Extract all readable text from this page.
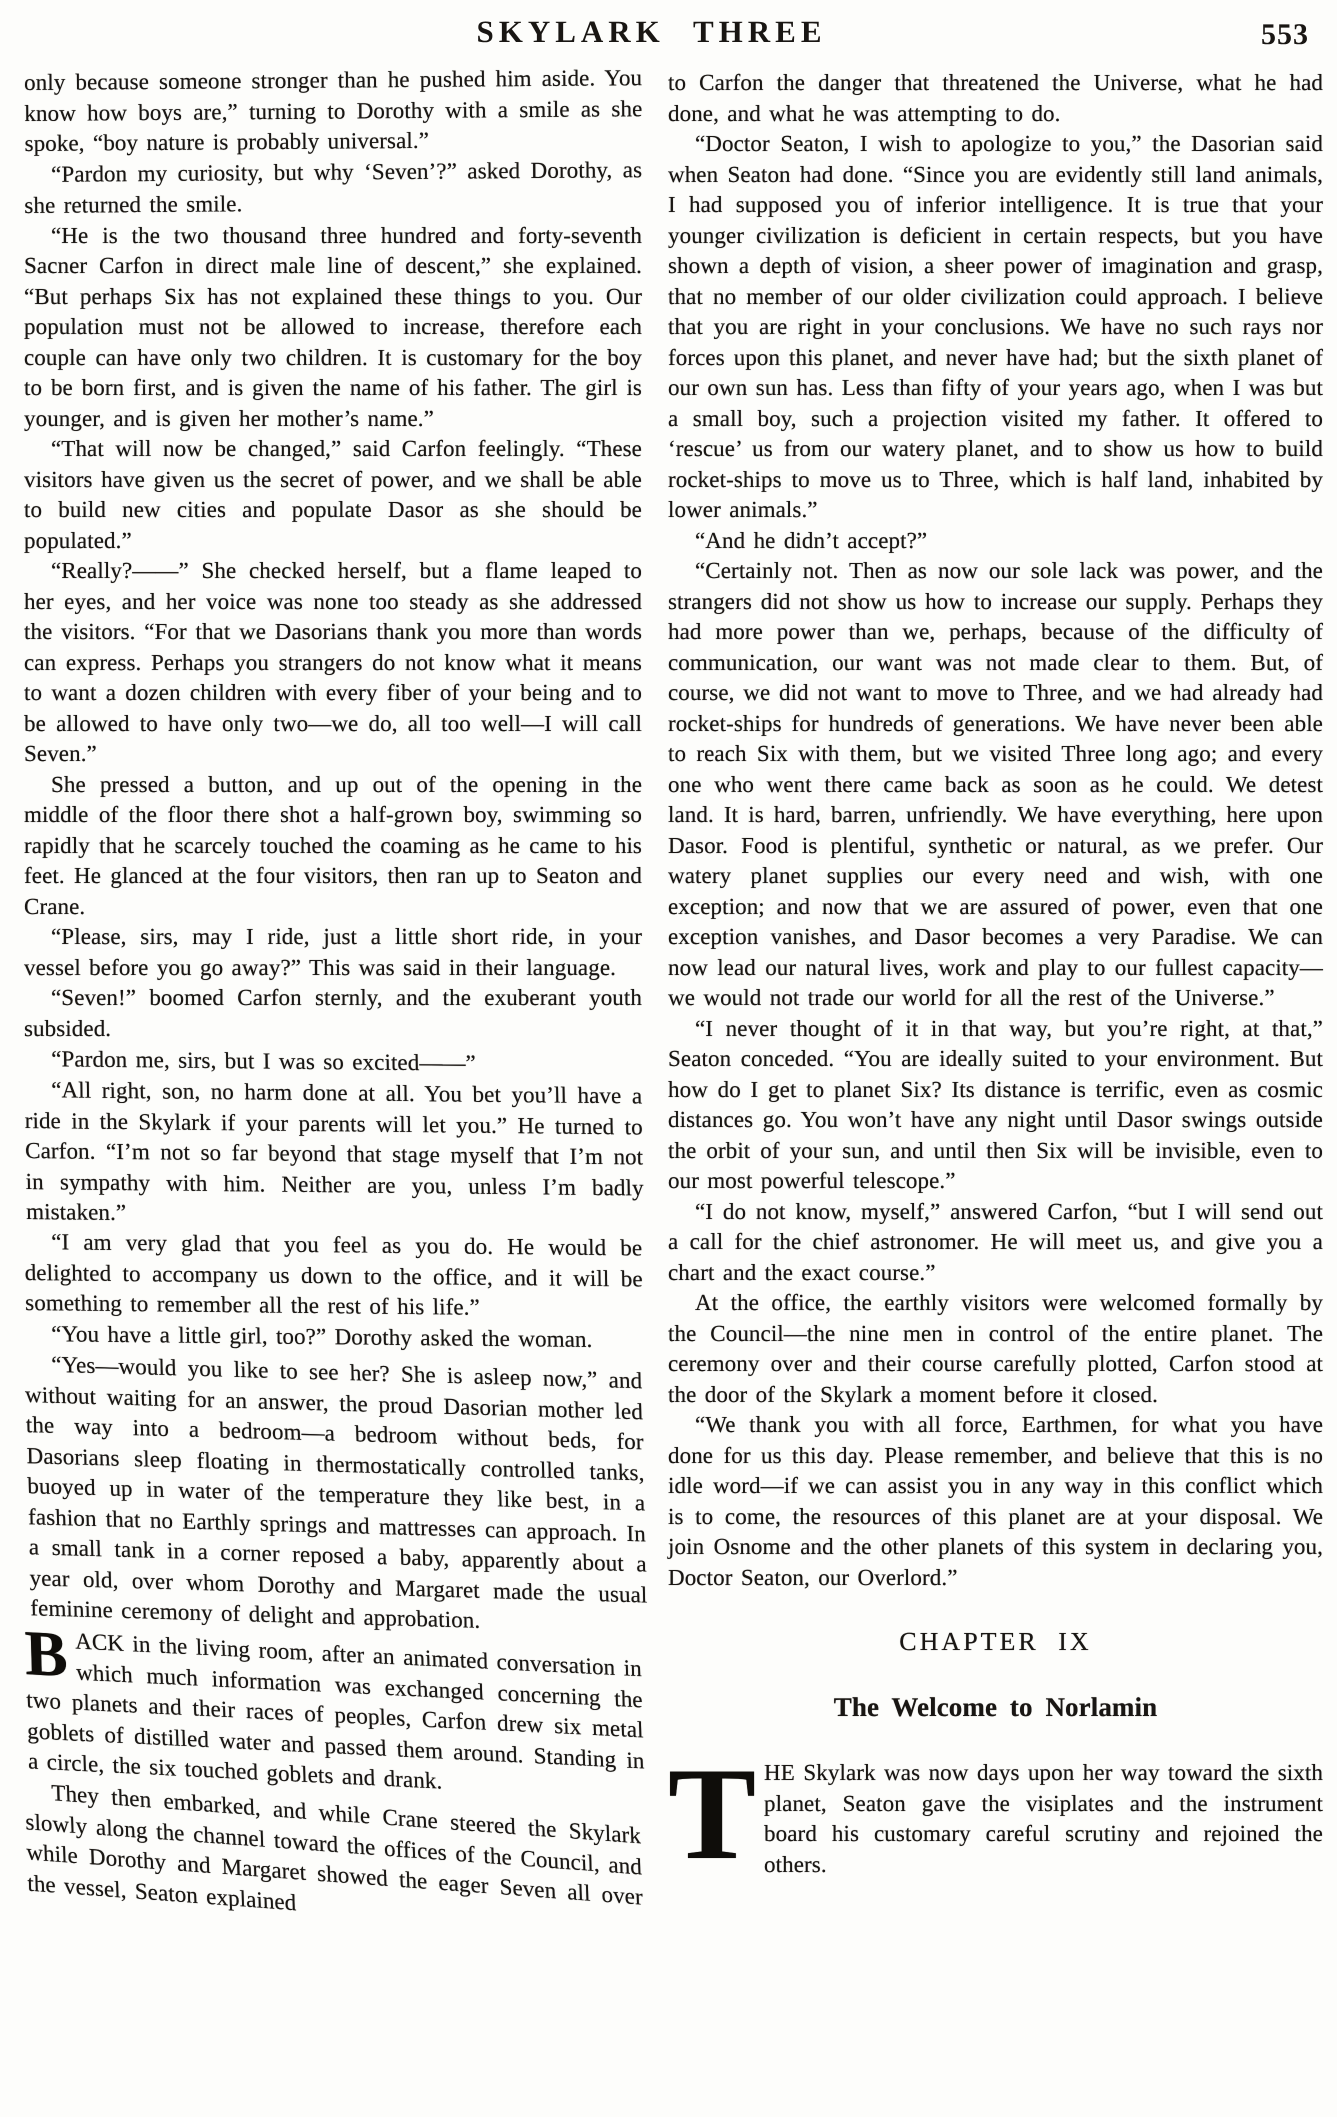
SKYLARK THREE	553

only because someone stronger than he pushed him aside. You know how boys are,” turning to Dorothy with a smile as she spoke, “boy nature is probably universal.”

“Pardon my curiosity, but why ‘Seven’?” asked Dorothy, as she returned the smile.

“He is the two thousand three hundred and forty-seventh Sacner Carfon in direct male line of descent,” she explained. “But perhaps Six has not explained these things to you. Our population must not be allowed to increase, therefore each couple can have only two children. It is customary for the boy to be born first, and is given the name of his father. The girl is younger, and is given her mother’s name.”

“That will now be changed,” said Carfon feelingly. “These visitors have given us the secret of power, and we shall be able to build new cities and populate Dasor as she should be populated.”

“Really?——” She checked herself, but a flame leaped to her eyes, and her voice was none too steady as she addressed the visitors. “For that we Dasorians thank you more than words can express. Perhaps you strangers do not know what it means to want a dozen children with every fiber of your being and to be allowed to have only two—we do, all too well—I will call Seven.”

She pressed a button, and up out of the opening in the middle of the floor there shot a half-grown boy, swimming so rapidly that he scarcely touched the coaming as he came to his feet. He glanced at the four visitors, then ran up to Seaton and Crane.

“Please, sirs, may I ride, just a little short ride, in your vessel before you go away?” This was said in their language.

“Seven!” boomed Carfon sternly, and the exuberant youth subsided.

“Pardon me, sirs, but I was so excited——”

“All right, son, no harm done at all. You bet you’ll have a ride in the Skylark if your parents will let you.” He turned to Carfon. “I’m not so far beyond that stage myself that I’m not in sympathy with him. Neither are you, unless I’m badly mistaken.”

“I am very glad that you feel as you do. He would be delighted to accompany us down to the office, and it will be something to remember all the rest of his life.”

“You have a little girl, too?” Dorothy asked the woman.

“Yes—would you like to see her? She is asleep now,” and without waiting for an answer, the proud Dasorian mother led the way into a bedroom—a bedroom without beds, for Dasorians sleep floating in thermostatically controlled tanks, buoyed up in water of the temperature they like best, in a fashion that no Earthly springs and mattresses can approach. In a small tank in a corner reposed a baby, apparently about a year old, over whom Dorothy and Margaret made the usual feminine ceremony of delight and approbation.

BACK in the living room, after an animated conversation in which much information was exchanged concerning the two planets and their races of peoples, Carfon drew six metal goblets of distilled water and passed them around. Standing in a circle, the six touched goblets and drank.

They then embarked, and while Crane steered the Skylark slowly along the channel toward the offices of the Council, and while Dorothy and Margaret showed the eager Seven all over the vessel, Seaton explained

to Carfon the danger that threatened the Universe, what he had done, and what he was attempting to do.

“Doctor Seaton, I wish to apologize to you,” the Dasorian said when Seaton had done. “Since you are evidently still land animals, I had supposed you of inferior intelligence. It is true that your younger civilization is deficient in certain respects, but you have shown a depth of vision, a sheer power of imagination and grasp, that no member of our older civilization could approach. I believe that you are right in your conclusions. We have no such rays nor forces upon this planet, and never have had; but the sixth planet of our own sun has. Less than fifty of your years ago, when I was but a small boy, such a projection visited my father. It offered to ‘rescue’ us from our watery planet, and to show us how to build rocket-ships to move us to Three, which is half land, inhabited by lower animals.”

“And he didn’t accept?”

“Certainly not. Then as now our sole lack was power, and the strangers did not show us how to increase our supply. Perhaps they had more power than we, perhaps, because of the difficulty of communication, our want was not made clear to them. But, of course, we did not want to move to Three, and we had already had rocket-ships for hundreds of generations. We have never been able to reach Six with them, but we visited Three long ago; and every one who went there came back as soon as he could. We detest land. It is hard, barren, unfriendly. We have everything, here upon Dasor. Food is plentiful, synthetic or natural, as we prefer. Our watery planet supplies our every need and wish, with one exception; and now that we are assured of power, even that one exception vanishes, and Dasor becomes a very Paradise. We can now lead our natural lives, work and play to our fullest capacity—we would not trade our world for all the rest of the Universe.”

“I never thought of it in that way, but you’re right, at that,” Seaton conceded. “You are ideally suited to your environment. But how do I get to planet Six? Its distance is terrific, even as cosmic distances go. You won’t have any night until Dasor swings outside the orbit of your sun, and until then Six will be invisible, even to our most powerful telescope.”

“I do not know, myself,” answered Carfon, “but I will send out a call for the chief astronomer. He will meet us, and give you a chart and the exact course.”

At the office, the earthly visitors were welcomed formally by the Council—the nine men in control of the entire planet. The ceremony over and their course carefully plotted, Carfon stood at the door of the Skylark a moment before it closed.

“We thank you with all force, Earthmen, for what you have done for us this day. Please remember, and believe that this is no idle word—if we can assist you in any way in this conflict which is to come, the resources of this planet are at your disposal. We join Osnome and the other planets of this system in declaring you, Doctor Seaton, our Overlord.”

CHAPTER IX

The Welcome to Norlamin

THE Skylark was now days upon her way toward the sixth planet, Seaton gave the visiplates and the instrument board his customary careful scrutiny and rejoined the others.
